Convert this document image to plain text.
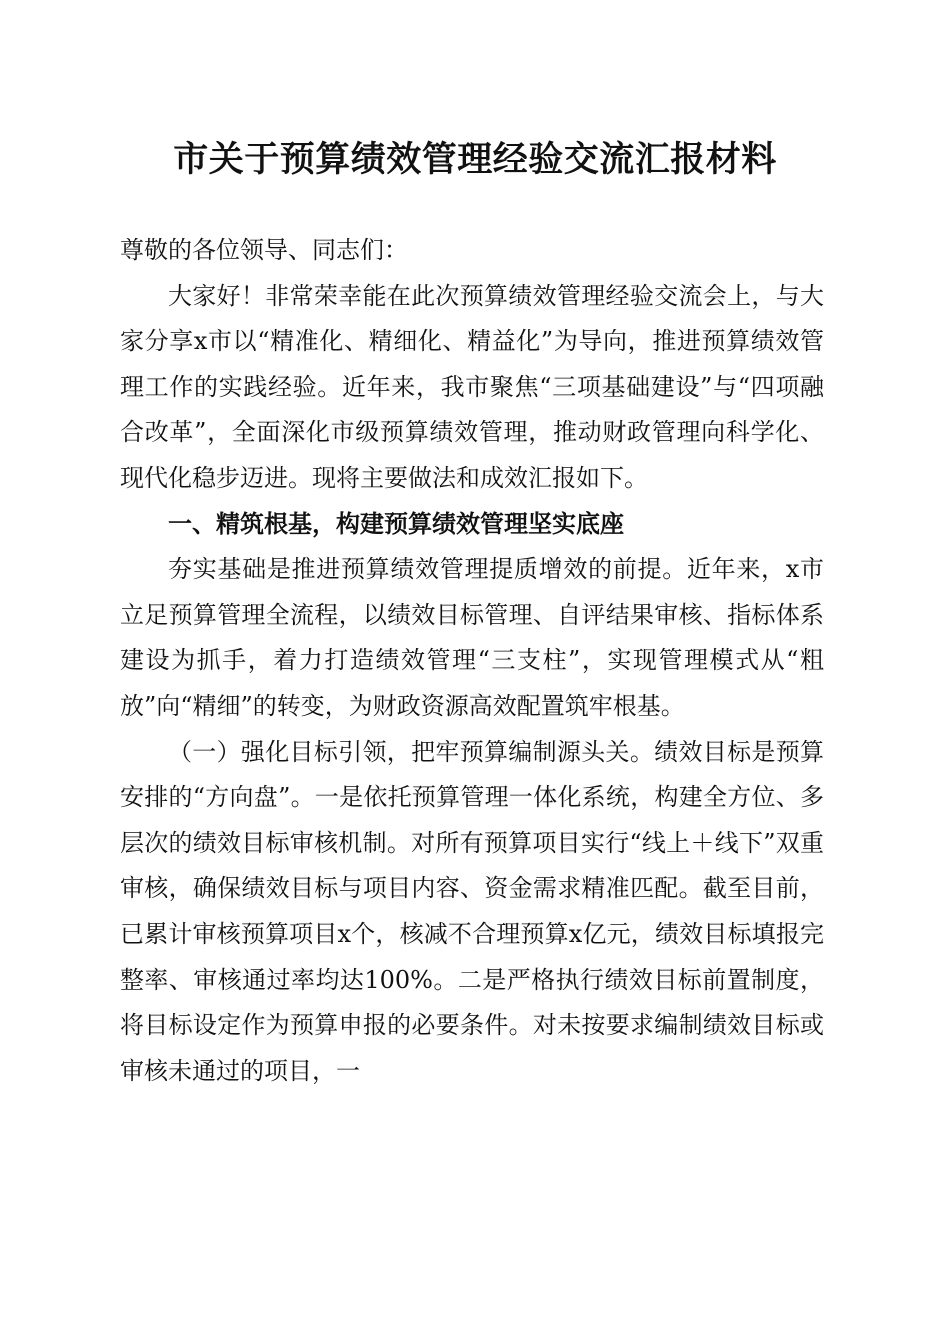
市关于预算绩效管理经验交流汇报材料

尊敬的各位领导、同志们：

大家好！非常荣幸能在此次预算绩效管理经验交流会上，与大家分享x市以“精准化、精细化、精益化”为导向，推进预算绩效管理工作的实践经验。近年来，我市聚焦“三项基础建设”与“四项融合改革”，全面深化市级预算绩效管理，推动财政管理向科学化、现代化稳步迈进。现将主要做法和成效汇报如下。

一、精筑根基，构建预算绩效管理坚实底座

夯实基础是推进预算绩效管理提质增效的前提。近年来，x市立足预算管理全流程，以绩效目标管理、自评结果审核、指标体系建设为抓手，着力打造绩效管理“三支柱”，实现管理模式从“粗放”向“精细”的转变，为财政资源高效配置筑牢根基。

（一）强化目标引领，把牢预算编制源头关。绩效目标是预算安排的“方向盘”。一是依托预算管理一体化系统，构建全方位、多层次的绩效目标审核机制。对所有预算项目实行“线上＋线下”双重审核，确保绩效目标与项目内容、资金需求精准匹配。截至目前，已累计审核预算项目x个，核减不合理预算x亿元，绩效目标填报完整率、审核通过率均达100%。二是严格执行绩效目标前置制度，将目标设定作为预算申报的必要条件。对未按要求编制绩效目标或审核未通过的项目，一
